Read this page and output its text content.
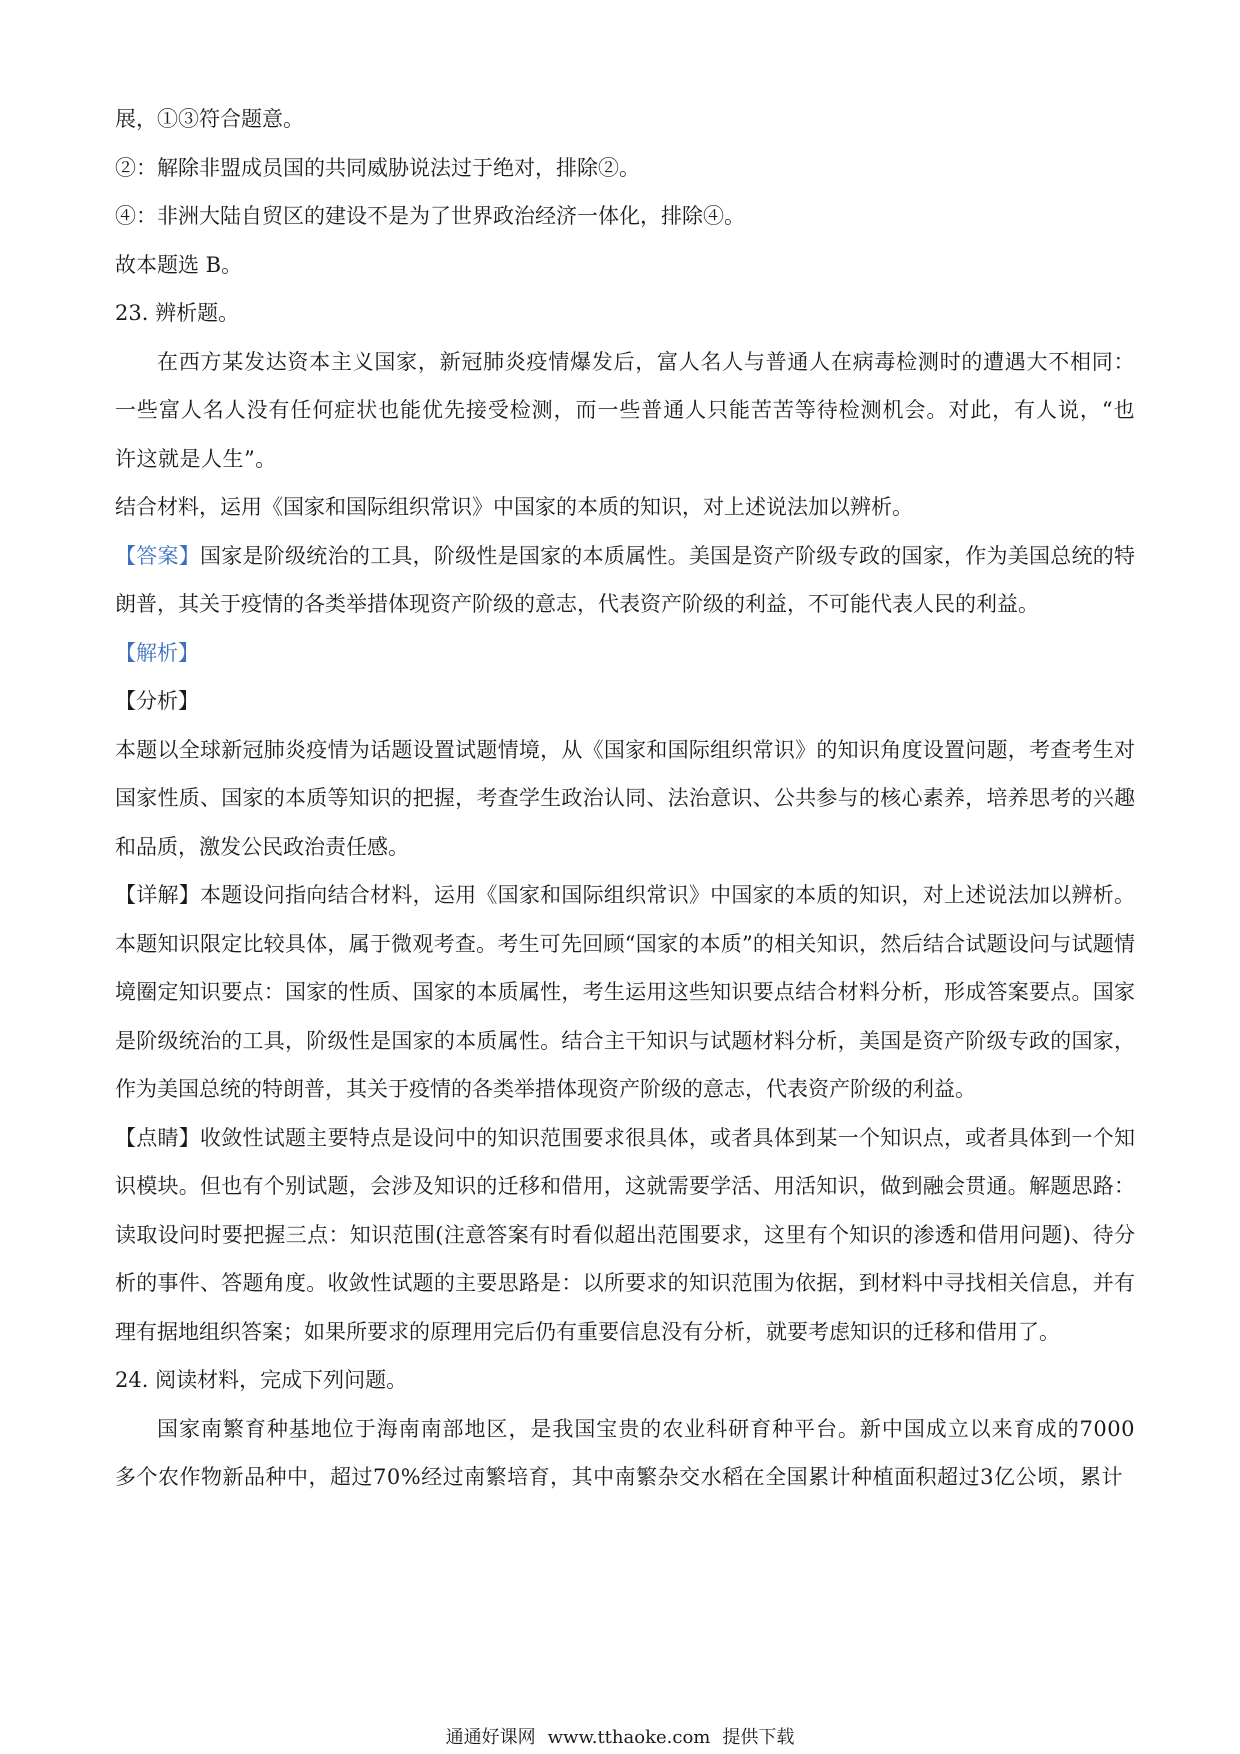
展，①③符合题意。

②：解除非盟成员国的共同威胁说法过于绝对，排除②。

④：非洲大陆自贸区的建设不是为了世界政治经济一体化，排除④。

故本题选 B。

23. 辨析题。

在西方某发达资本主义国家，新冠肺炎疫情爆发后，富人名人与普通人在病毒检测时的遭遇大不相同：一些富人名人没有任何症状也能优先接受检测，而一些普通人只能苦苦等待检测机会。对此，有人说，“也许这就是人生”。

结合材料，运用《国家和国际组织常识》中国家的本质的知识，对上述说法加以辨析。

【答案】国家是阶级统治的工具，阶级性是国家的本质属性。美国是资产阶级专政的国家，作为美国总统的特朗普，其关于疫情的各类举措体现资产阶级的意志，代表资产阶级的利益，不可能代表人民的利益。

【解析】

【分析】

本题以全球新冠肺炎疫情为话题设置试题情境，从《国家和国际组织常识》的知识角度设置问题，考查考生对国家性质、国家的本质等知识的把握，考查学生政治认同、法治意识、公共参与的核心素养，培养思考的兴趣和品质，激发公民政治责任感。

【详解】本题设问指向结合材料，运用《国家和国际组织常识》中国家的本质的知识，对上述说法加以辨析。本题知识限定比较具体，属于微观考查。考生可先回顾“国家的本质”的相关知识，然后结合试题设问与试题情境圈定知识要点：国家的性质、国家的本质属性，考生运用这些知识要点结合材料分析，形成答案要点。国家是阶级统治的工具，阶级性是国家的本质属性。结合主干知识与试题材料分析，美国是资产阶级专政的国家，作为美国总统的特朗普，其关于疫情的各类举措体现资产阶级的意志，代表资产阶级的利益。

【点睛】收敛性试题主要特点是设问中的知识范围要求很具体，或者具体到某一个知识点，或者具体到一个知识模块。但也有个别试题，会涉及知识的迁移和借用，这就需要学活、用活知识，做到融会贯通。解题思路：读取设问时要把握三点：知识范围(注意答案有时看似超出范围要求，这里有个知识的渗透和借用问题)、待分析的事件、答题角度。收敛性试题的主要思路是：以所要求的知识范围为依据，到材料中寻找相关信息，并有理有据地组织答案；如果所要求的原理用完后仍有重要信息没有分析，就要考虑知识的迁移和借用了。

24. 阅读材料，完成下列问题。

国家南繁育种基地位于海南南部地区，是我国宝贵的农业科研育种平台。新中国成立以来育成的7000多个农作物新品种中，超过70%经过南繁培育，其中南繁杂交水稻在全国累计种植面积超过3亿公顷，累计

通通好课网 www.tthaoke.com 提供下载
